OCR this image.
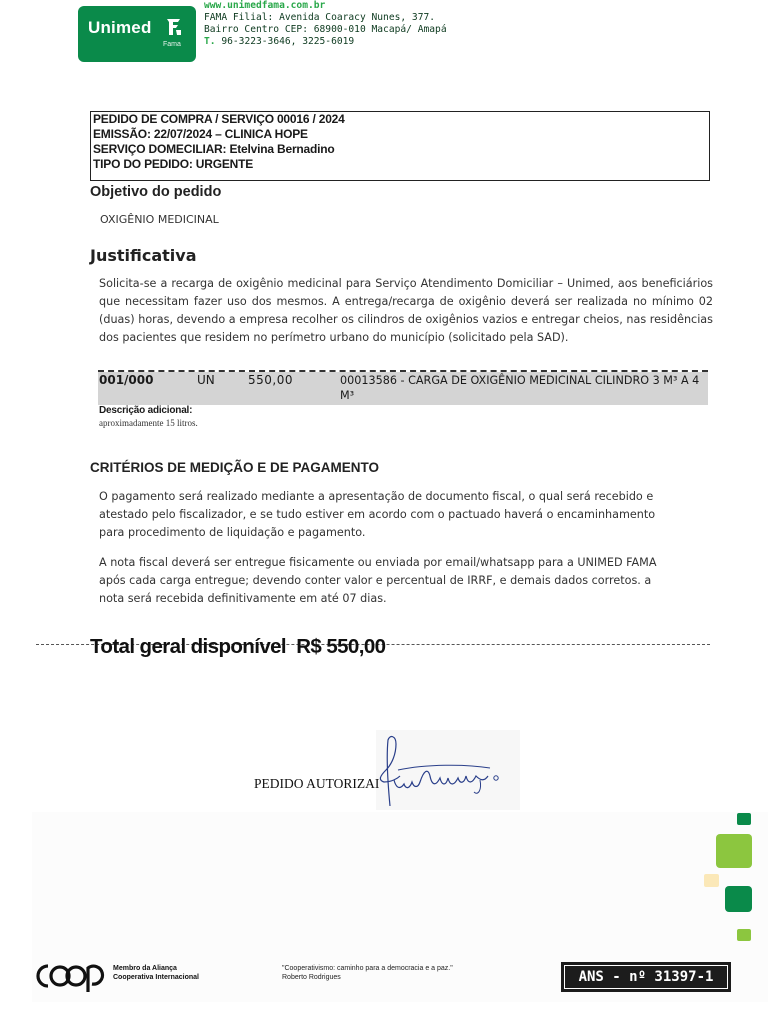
Unimed
Fama
www.unimedfama.com.br
FAMA Filial: Avenida Coaracy Nunes, 377.
Bairro Centro CEP: 68900-010 Macapá/ Amapá
T. 96-3223-3646, 3225-6019
PEDIDO DE COMPRA / SERVIÇO 00016 / 2024
EMISSÃO: 22/07/2024 – CLINICA HOPE
SERVIÇO DOMECILIAR: Etelvina Bernadino
TIPO DO PEDIDO: URGENTE
Objetivo do pedido
OXIGÊNIO MEDICINAL
Justificativa
Solicita-se a recarga de oxigênio medicinal para Serviço Atendimento Domiciliar – Unimed, aos beneficiários que necessitam fazer uso dos mesmos. A entrega/recarga de oxigênio deverá ser realizada no mínimo 02 (duas) horas, devendo a empresa recolher os cilindros de oxigênios vazios e entregar cheios, nas residências dos pacientes que residem no perímetro urbano do município (solicitado pela SAD).
001/000	UN	550,00	00013586 - CARGA DE OXIGÊNIO MEDICINAL CILINDRO 3 M³ A 4 M³
Descrição adicional:
aproximadamente 15 litros.
CRITÉRIOS DE MEDIÇÃO E DE PAGAMENTO
O pagamento será realizado mediante a apresentação de documento fiscal, o qual será recebido e atestado pelo fiscalizador, e se tudo estiver em acordo com o pactuado haverá o encaminhamento para procedimento de liquidação e pagamento.
A nota fiscal deverá ser entregue fisicamente ou enviada por email/whatsapp para a UNIMED FAMA após cada carga entregue; devendo conter valor e percentual de IRRF, e demais dados corretos. a nota será recebida definitivamente em até 07 dias.
Total geral disponível R$ 550,00
PEDIDO AUTORIZAI
Membro da Aliança
Cooperativa Internacional
"Cooperativismo: caminho para a democracia e a paz."
Roberto Rodrigues	ANS - nº 31397-1
